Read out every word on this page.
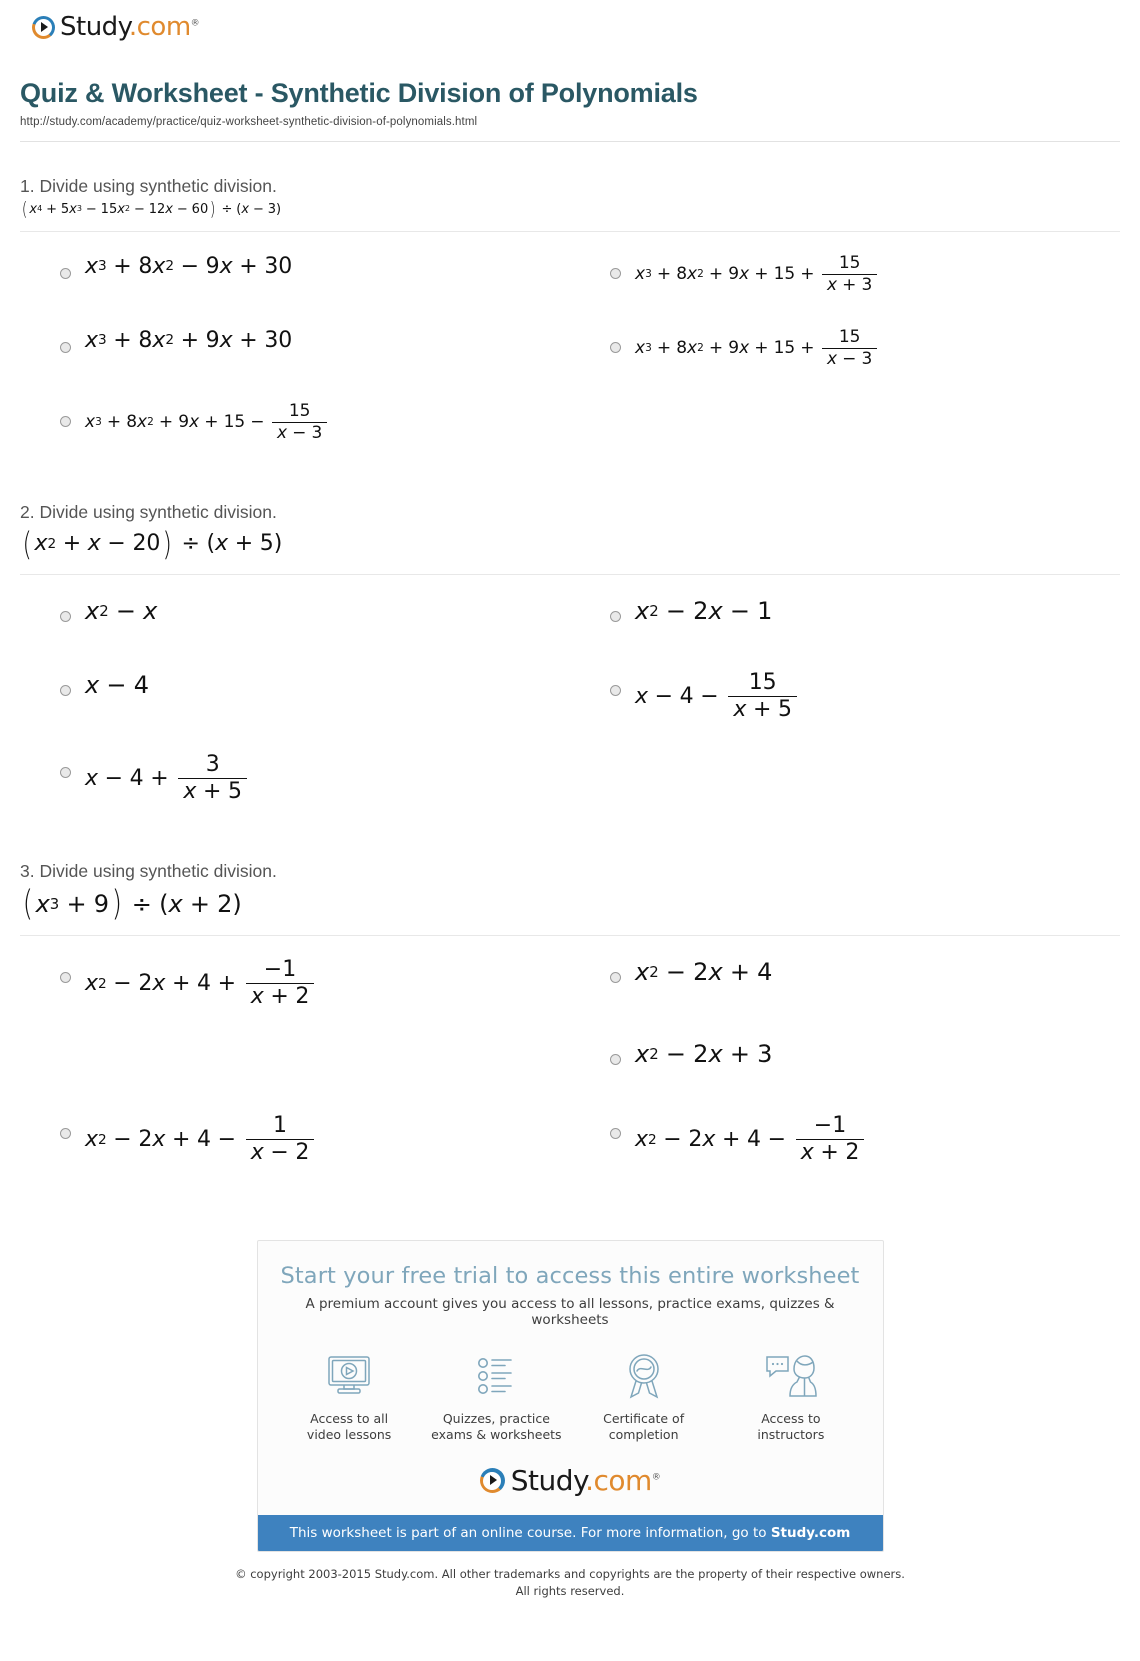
Study.com®
Quiz & Worksheet - Synthetic Division of Polynomials
http://study.com/academy/practice/quiz-worksheet-synthetic-division-of-polynomials.html
1. Divide using synthetic division.
( x 4 + 5 x 3 − 15 x 2 − 12 x − 60 ) ÷ ( x − 3)
x 3 + 8 x 2 − 9 x + 30	x 3 + 8 x 2 + 9 $x + 15 + \frac{15}{x + 3}$
x 3 + 8 x 2 + 9 x + 30	x 3 + 8 x 2 + 9 $x + 15 + \frac{15}{x - 3}$
x 3 + 8 x 2 + 9 $x + 15 - \frac{15}{x - 3}$
2. Divide using synthetic division.
( x 2 + x − 20 ) ÷ ( x + 5)
x 2 − x	x 2 − 2 x − 1
x − 4	$x - 4 - \frac{15}{x + 5}$
$x - 4 + \frac{3}{x + 5}$
3. Divide using synthetic division.
( x 3 + 9 ) ÷ ( x + 2)
x 2 − 2 $x + 4 + \frac{-1}{x + 2}$	x 2 − 2 x + 4
x 2 − 2 x + 3
x 2 − 2 $x + 4 - \frac{1}{x - 2}$	x 2 − 2 $x + 4 - \frac{-1}{x + 2}$
Start your free trial to access this entire worksheet
A premium account gives you access to all lessons, practice exams, quizzes & worksheets
Access to all
video lessons
Quizzes, practice
exams & worksheets
Certificate of
completion
Access to
instructors
Study.com®
This worksheet is part of an online course. For more information, go to Study.com
© copyright 2003-2015 Study.com. All other trademarks and copyrights are the property of their respective owners.
All rights reserved.
